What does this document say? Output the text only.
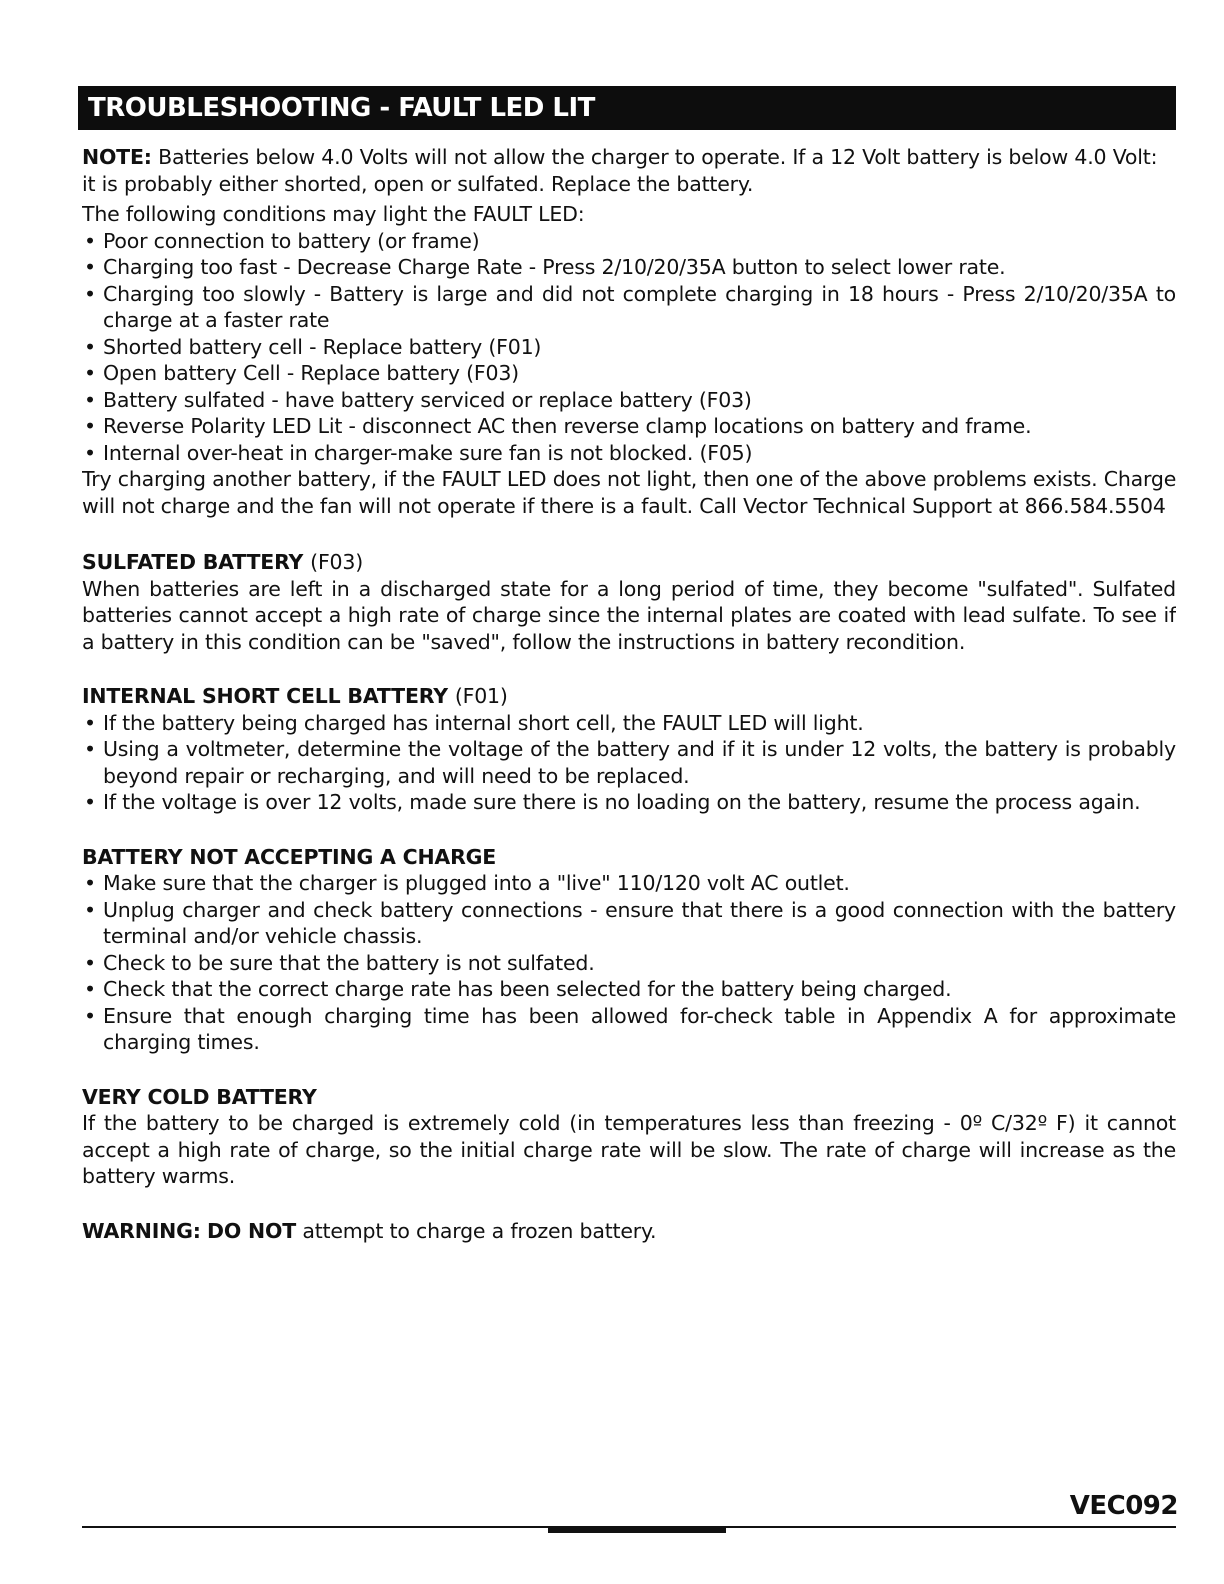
TROUBLESHOOTING - FAULT LED LIT

NOTE: Batteries below 4.0 Volts will not allow the charger to operate. If a 12 Volt battery is below 4.0 Volt:

it is probably either shorted, open or sulfated. Replace the battery.

The following conditions may light the FAULT LED:

• Poor connection to battery (or frame)
• Charging too fast - Decrease Charge Rate - Press 2/10/20/35A button to select lower rate.
• Charging too slowly - Battery is large and did not complete charging in 18 hours - Press 2/10/20/35A to charge at a faster rate
• Shorted battery cell - Replace battery (F01)
• Open battery Cell - Replace battery (F03)
• Battery sulfated - have battery serviced or replace battery (F03)
• Reverse Polarity LED Lit - disconnect AC then reverse clamp locations on battery and frame.
• Internal over-heat in charger-make sure fan is not blocked. (F05)

Try charging another battery, if the FAULT LED does not light, then one of the above problems exists. Charge

will not charge and the fan will not operate if there is a fault. Call Vector Technical Support at 866.584.5504

SULFATED BATTERY (F03)

When batteries are left in a discharged state for a long period of time, they become "sulfated". Sulfated batteries cannot accept a high rate of charge since the internal plates are coated with lead sulfate. To see if a battery in this condition can be "saved", follow the instructions in battery recondition.

INTERNAL SHORT CELL BATTERY (F01)

• If the battery being charged has internal short cell, the FAULT LED will light.
• Using a voltmeter, determine the voltage of the battery and if it is under 12 volts, the battery is probably beyond repair or recharging, and will need to be replaced.
• If the voltage is over 12 volts, made sure there is no loading on the battery, resume the process again.

BATTERY NOT ACCEPTING A CHARGE

• Make sure that the charger is plugged into a "live" 110/120 volt AC outlet.
• Unplug charger and check battery connections - ensure that there is a good connection with the battery terminal and/or vehicle chassis.
• Check to be sure that the battery is not sulfated.
• Check that the correct charge rate has been selected for the battery being charged.
• Ensure that enough charging time has been allowed for-check table in Appendix A for approximate charging times.

VERY COLD BATTERY

If the battery to be charged is extremely cold (in temperatures less than freezing - 0º C/32º F) it cannot accept a high rate of charge, so the initial charge rate will be slow. The rate of charge will increase as the battery warms.

WARNING: DO NOT attempt to charge a frozen battery.

VEC092
